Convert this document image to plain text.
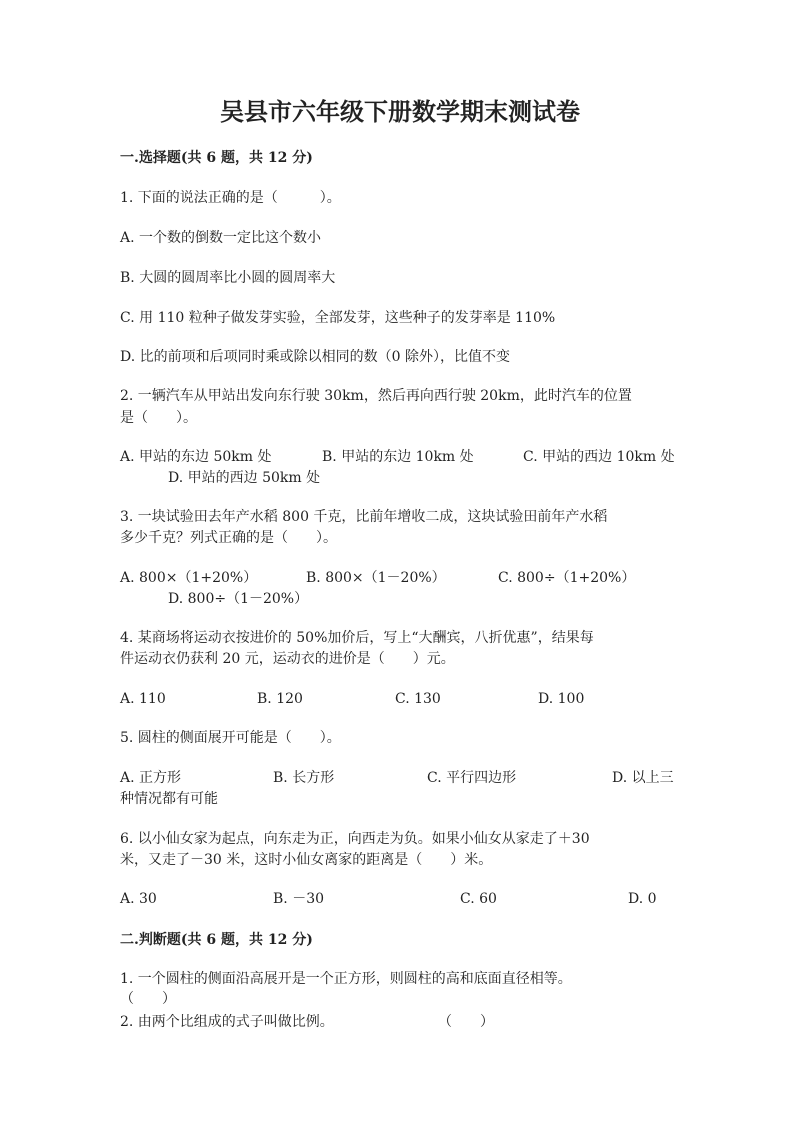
吴县市六年级下册数学期末测试卷
一.选择题(共 6 题，共 12 分)
1. 下面的说法正确的是（　　　）。
A. 一个数的倒数一定比这个数小
B. 大圆的圆周率比小圆的圆周率大
C. 用 110 粒种子做发芽实验，全部发芽，这些种子的发芽率是 110%
D. 比的前项和后项同时乘或除以相同的数（0 除外），比值不变
2. 一辆汽车从甲站出发向东行驶 30km，然后再向西行驶 20km，此时汽车的位置
是（　　）。
A. 甲站的东边 50km 处	B. 甲站的东边 10km 处	C. 甲站的西边 10km 处
D. 甲站的西边 50km 处
3. 一块试验田去年产水稻 800 千克，比前年增收二成，这块试验田前年产水稻
多少千克？列式正确的是（　　）。
A. 800×（1+20%）	B. 800×（1－20%）	C. 800÷（1+20%）
D. 800÷（1－20%）
4. 某商场将运动衣按进价的 50%加价后，写上“大酬宾，八折优惠”，结果每
件运动衣仍获利 20 元，运动衣的进价是（　　）元。
A. 110	B. 120	C. 130	D. 100
5. 圆柱的侧面展开可能是（　　）。
A. 正方形	B. 长方形	C. 平行四边形	D. 以上三
种情况都有可能
6. 以小仙女家为起点，向东走为正，向西走为负。如果小仙女从家走了＋30
米，又走了－30 米，这时小仙女离家的距离是（　　）米。
A. 30	B. －30	C. 60	D. 0
二.判断题(共 6 题，共 12 分)
1. 一个圆柱的侧面沿高展开是一个正方形，则圆柱的高和底面直径相等。
（　　）
2. 由两个比组成的式子叫做比例。	（　　）
